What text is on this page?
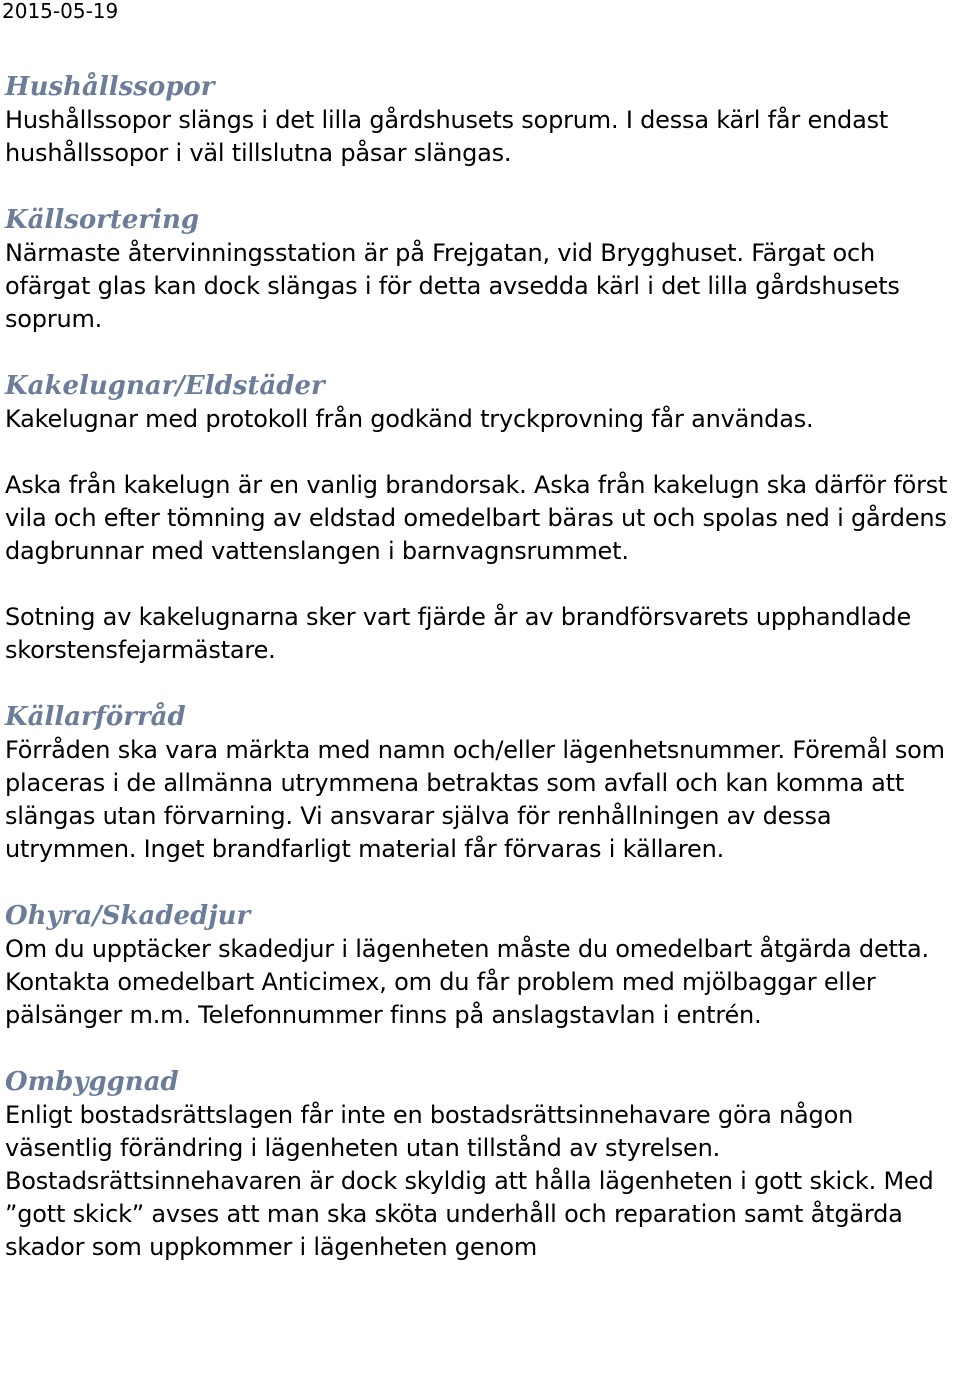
2015-05-19
Hushållssopor

Hushållssopor slängs i det lilla gårdshusets soprum. I dessa kärl får endast hushållssopor i väl tillslutna påsar slängas.

Källsortering

Närmaste återvinningsstation är på Frejgatan, vid Brygghuset. Färgat och ofärgat glas kan dock slängas i för detta avsedda kärl i det lilla gårdshusets soprum.

Kakelugnar/Eldstäder

Kakelugnar med protokoll från godkänd tryckprovning får användas.

Aska från kakelugn är en vanlig brandorsak. Aska från kakelugn ska därför först vila och efter tömning av eldstad omedelbart bäras ut och spolas ned i gårdens dagbrunnar med vattenslangen i barnvagnsrummet.

Sotning av kakelugnarna sker vart fjärde år av brandförsvarets upphandlade skorstensfejarmästare.

Källarförråd

Förråden ska vara märkta med namn och/eller lägenhetsnummer. Föremål som placeras i de allmänna utrymmena betraktas som avfall och kan komma att slängas utan förvarning. Vi ansvarar själva för renhållningen av dessa utrymmen. Inget brandfarligt material får förvaras i källaren.

Ohyra/Skadedjur

Om du upptäcker skadedjur i lägenheten måste du omedelbart åtgärda detta. Kontakta omedelbart Anticimex, om du får problem med mjölbaggar eller pälsänger m.m. Telefonnummer finns på anslagstavlan i entrén.

Ombyggnad

Enligt bostadsrättslagen får inte en bostadsrättsinnehavare göra någon väsentlig förändring i lägenheten utan tillstånd av styrelsen. Bostadsrättsinnehavaren är dock skyldig att hålla lägenheten i gott skick. Med ”gott skick” avses att man ska sköta underhåll och reparation samt åtgärda skador som uppkommer i lägenheten genom
